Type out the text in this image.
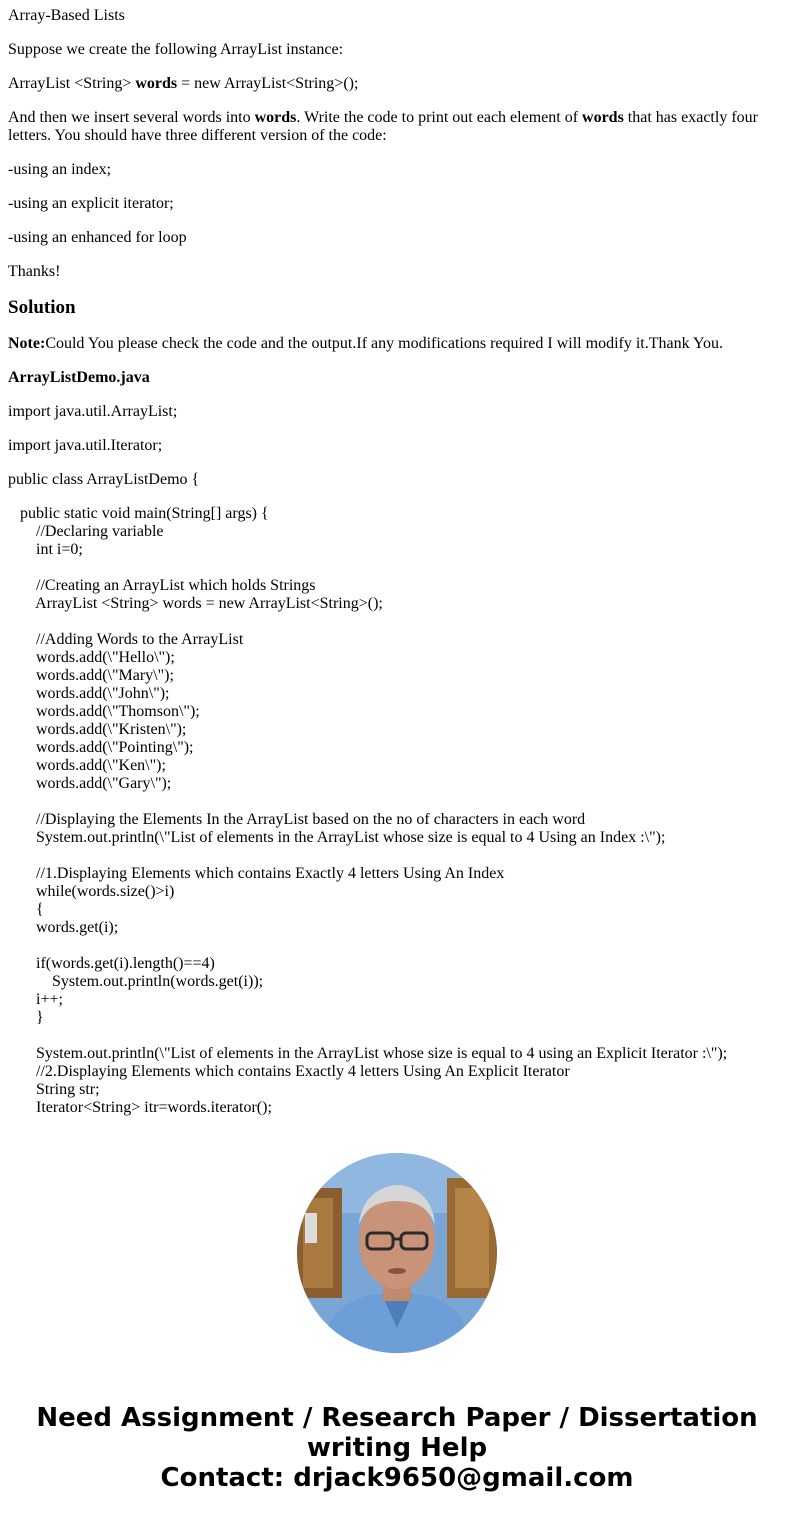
Array-Based Lists

Suppose we create the following ArrayList instance:

ArrayList <String> words = new ArrayList<String>();

And then we insert several words into words. Write the code to print out each element of words that has exactly four letters. You should have three different version of the code:

-using an index;

-using an explicit iterator;

-using an enhanced for loop

Thanks!

Solution

Note:Could You please check the code and the output.If any modifications required I will modify it.Thank You.

ArrayListDemo.java

import java.util.ArrayList;

import java.util.Iterator;

public class ArrayListDemo {

public static void main(String[] args) {
//Declaring variable
int i=0;
//Creating an ArrayList which holds Strings
ArrayList <String> words = new ArrayList<String>();
//Adding Words to the ArrayList
words.add(\"Hello\");
words.add(\"Mary\");
words.add(\"John\");
words.add(\"Thomson\");
words.add(\"Kristen\");
words.add(\"Pointing\");
words.add(\"Ken\");
words.add(\"Gary\");
//Displaying the Elements In the ArrayList based on the no of characters in each word
System.out.println(\"List of elements in the ArrayList whose size is equal to 4 Using an Index :\");
//1.Displaying Elements which contains Exactly 4 letters Using An Index
while(words.size()>i)
{
words.get(i);
if(words.get(i).length()==4)
System.out.println(words.get(i));
i++;
}
System.out.println(\"List of elements in the ArrayList whose size is equal to 4 using an Explicit Iterator :\");
//2.Displaying Elements which contains Exactly 4 letters Using An Explicit Iterator
String str;
Iterator<String> itr=words.iterator();
Need Assignment / Research Paper / Dissertation
writing Help
Contact: drjack9650@gmail.com
